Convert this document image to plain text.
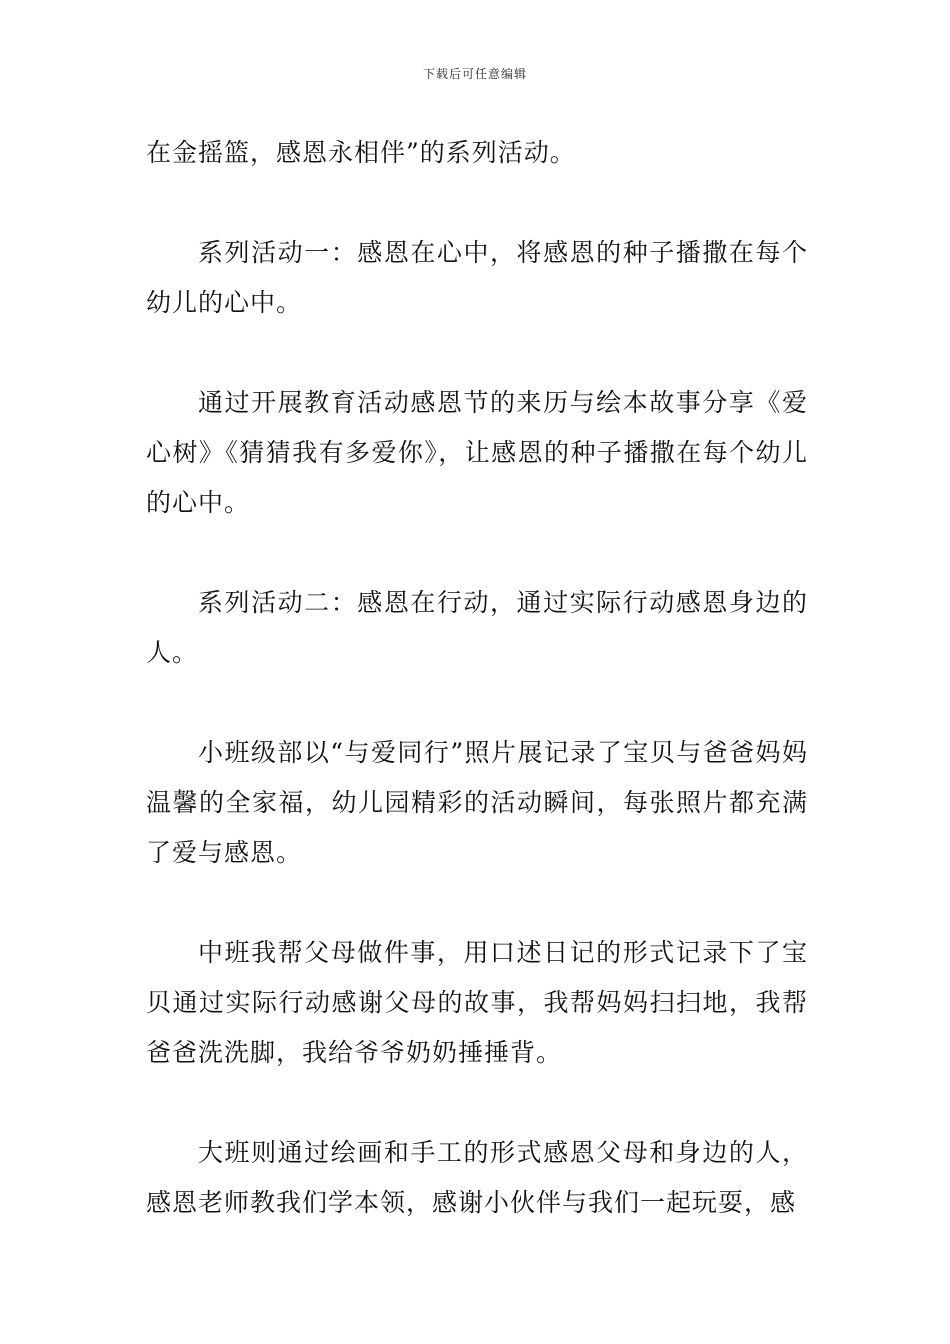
下载后可任意编辑

在金摇篮，感恩永相伴”的系列活动。

系列活动一：感恩在心中，将感恩的种子播撒在每个幼儿的心中。

通过开展教育活动感恩节的来历与绘本故事分享《爱心树》《猜猜我有多爱你》，让感恩的种子播撒在每个幼儿的心中。

系列活动二：感恩在行动，通过实际行动感恩身边的人。

小班级部以“与爱同行”照片展记录了宝贝与爸爸妈妈温馨的全家福，幼儿园精彩的活动瞬间，每张照片都充满了爱与感恩。

中班我帮父母做件事，用口述日记的形式记录下了宝贝通过实际行动感谢父母的故事，我帮妈妈扫扫地，我帮爸爸洗洗脚，我给爷爷奶奶捶捶背。

大班则通过绘画和手工的形式感恩父母和身边的人，感恩老师教我们学本领，感谢小伙伴与我们一起玩耍，感
